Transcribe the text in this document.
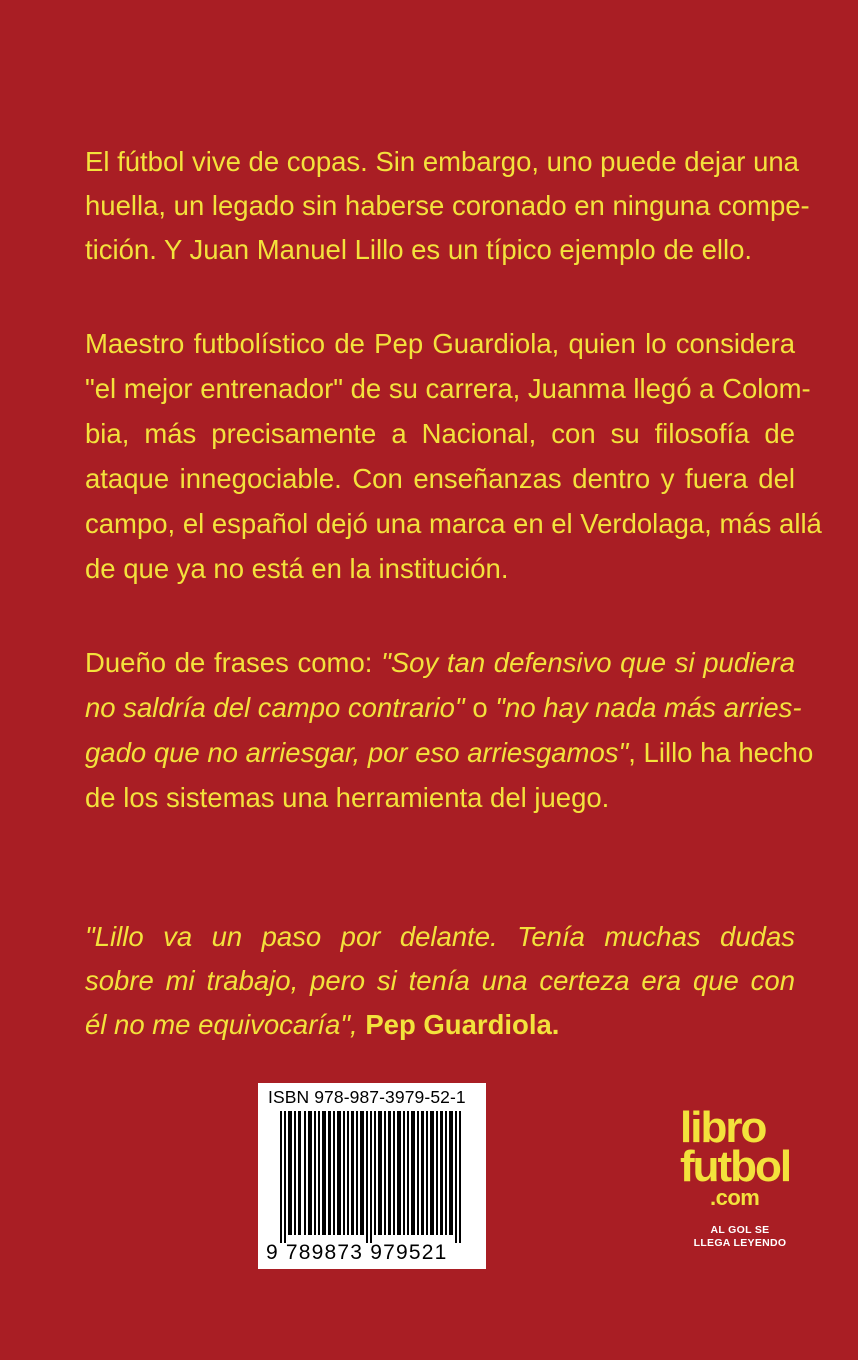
El fútbol vive de copas. Sin embargo, uno puede dejar una
huella, un legado sin haberse coronado en ninguna compe-
tición. Y Juan Manuel Lillo es un típico ejemplo de ello.
Maestro futbolístico de Pep Guardiola, quien lo considera
"el mejor entrenador" de su carrera, Juanma llegó a Colom-
bia, más precisamente a Nacional, con su filosofía de
ataque innegociable. Con enseñanzas dentro y fuera del
campo, el español dejó una marca en el Verdolaga, más allá
de que ya no está en la institución.
Dueño de frases como: "Soy tan defensivo que si pudiera
no saldría del campo contrario" o "no hay nada más arries-
gado que no arriesgar, por eso arriesgamos", Lillo ha hecho
de los sistemas una herramienta del juego.
"Lillo va un paso por delante. Tenía muchas dudas
sobre mi trabajo, pero si tenía una certeza era que con
él no me equivocaría", Pep Guardiola.
ISBN 978-987-3979-52-1
9 789873 979521
libro
futbol
.com
AL GOL SE
LLEGA LEYENDO
